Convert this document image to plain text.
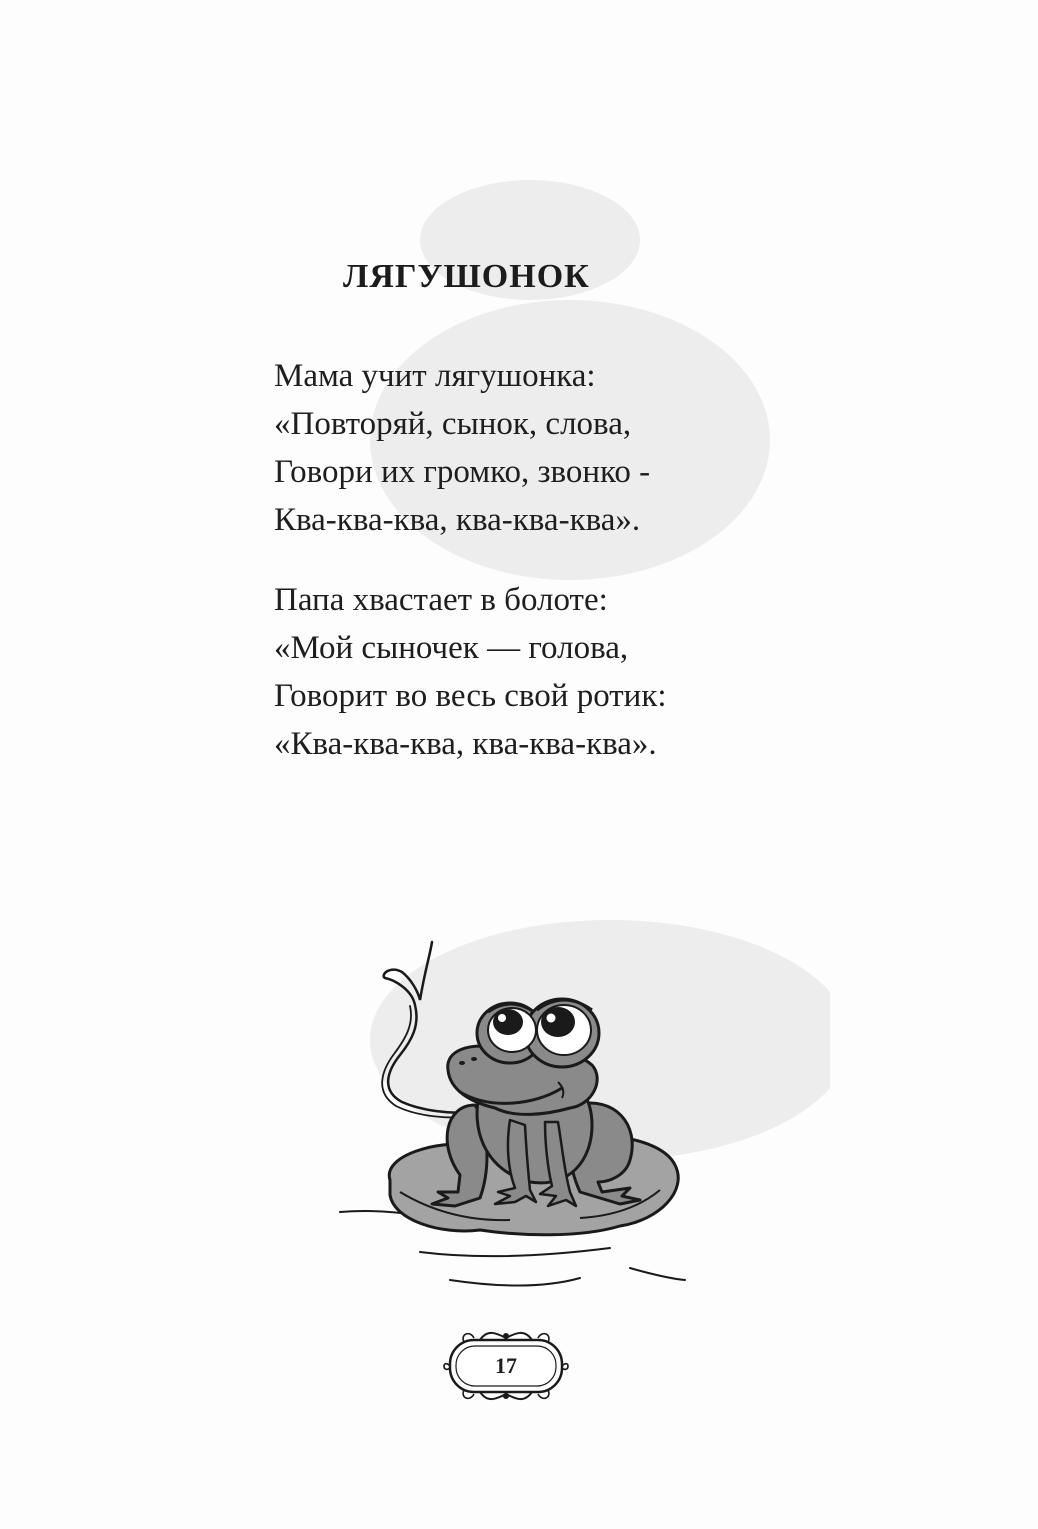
ЛЯГУШОНОК
Мама учит лягушонка:
«Повторяй, сынок, слова,
Говори их громко, звонко -
Ква-ква-ква, ква-ква-ква».
Папа хвастает в болоте:
«Мой сыночек — голова,
Говорит во весь свой ротик:
«Ква-ква-ква, ква-ква-ква».
17
